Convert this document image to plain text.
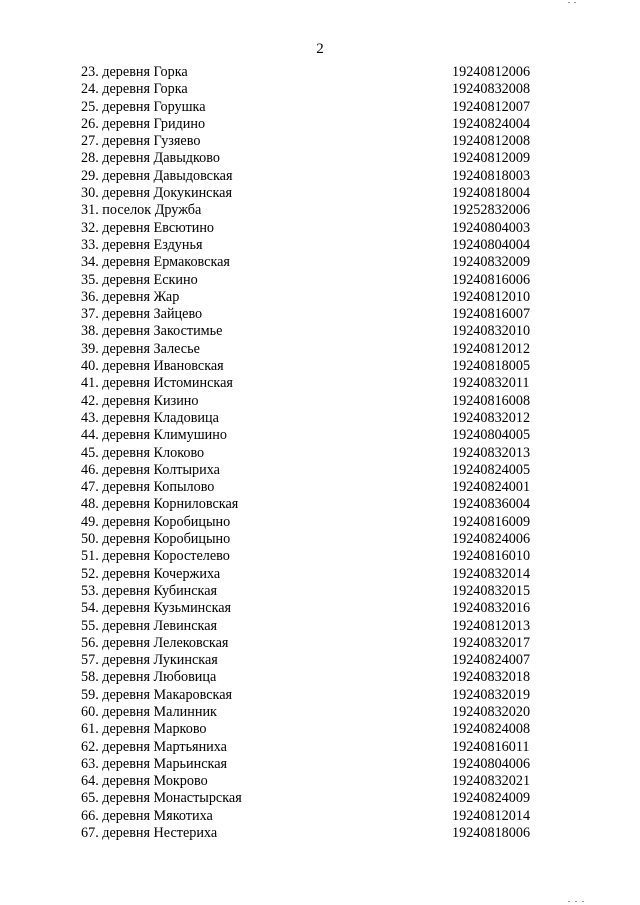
2
23. деревня Горка	19240812006
24. деревня Горка	19240832008
25. деревня Горушка	19240812007
26. деревня Гридино	19240824004
27. деревня Гузяево	19240812008
28. деревня Давыдково	19240812009
29. деревня Давыдовская	19240818003
30. деревня Докукинская	19240818004
31. поселок Дружба	19252832006
32. деревня Евсютино	19240804003
33. деревня Ездунья	19240804004
34. деревня Ермаковская	19240832009
35. деревня Ескино	19240816006
36. деревня Жар	19240812010
37. деревня Зайцево	19240816007
38. деревня Закостимье	19240832010
39. деревня Залесье	19240812012
40. деревня Ивановская	19240818005
41. деревня Истоминская	19240832011
42. деревня Кизино	19240816008
43. деревня Кладовица	19240832012
44. деревня Климушино	19240804005
45. деревня Клоково	19240832013
46. деревня Колтыриха	19240824005
47. деревня Копылово	19240824001
48. деревня Корниловская	19240836004
49. деревня Коробицыно	19240816009
50. деревня Коробицыно	19240824006
51. деревня Коростелево	19240816010
52. деревня Кочержиха	19240832014
53. деревня Кубинская	19240832015
54. деревня Кузьминская	19240832016
55. деревня Левинская	19240812013
56. деревня Лелековская	19240832017
57. деревня Лукинская	19240824007
58. деревня Любовица	19240832018
59. деревня Макаровская	19240832019
60. деревня Малинник	19240832020
61. деревня Марково	19240824008
62. деревня Мартьяниха	19240816011
63. деревня Марьинская	19240804006
64. деревня Мокрово	19240832021
65. деревня Монастырская	19240824009
66. деревня Мякотиха	19240812014
67. деревня Нестериха	19240818006
